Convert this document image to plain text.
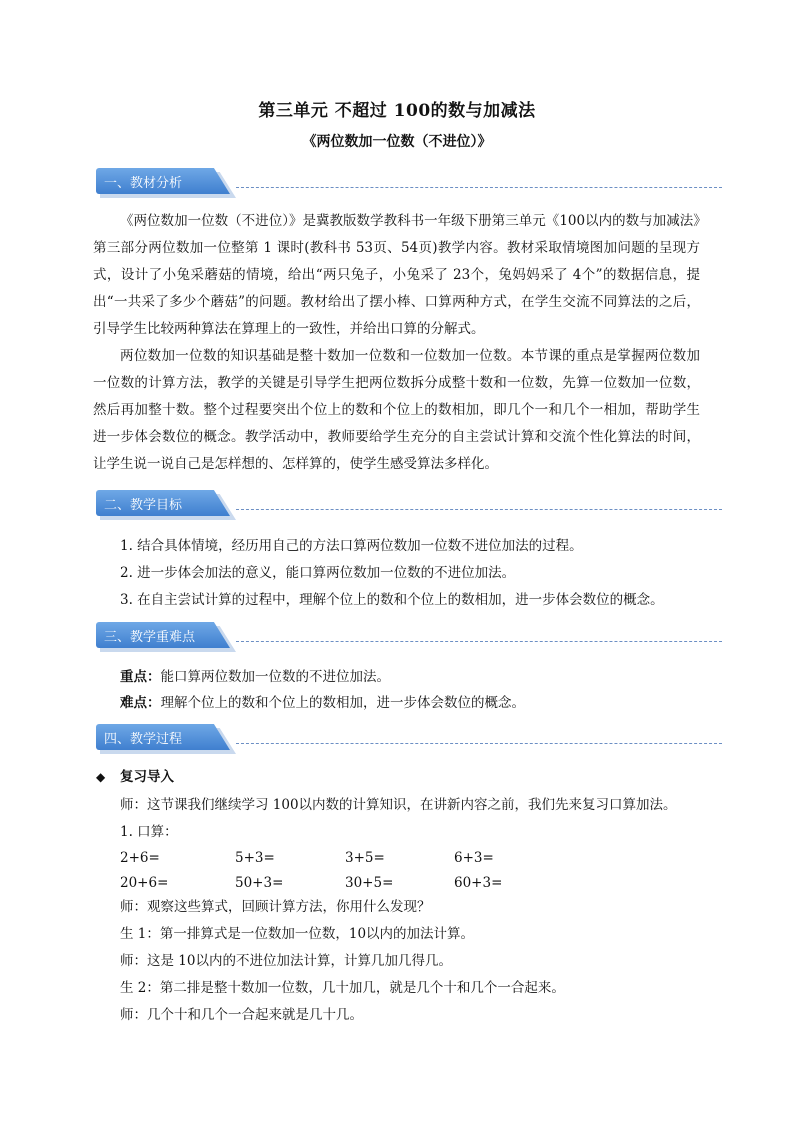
第三单元 不超过 100的数与加减法
《两位数加一位数（不进位）》
一、教材分析

《两位数加一位数（不进位）》是冀教版数学教科书一年级下册第三单元《100以内的数与加减法》第三部分两位数加一位整第 1 课时(教科书 53页、54页)教学内容。教材采取情境图加问题的呈现方式，设计了小兔采蘑菇的情境，给出“两只兔子，小兔采了 23个，兔妈妈采了 4个”的数据信息，提出“一共采了多少个蘑菇”的问题。教材给出了摆小棒、口算两种方式，在学生交流不同算法的之后，引导学生比较两种算法在算理上的一致性，并给出口算的分解式。

两位数加一位数的知识基础是整十数加一位数和一位数加一位数。本节课的重点是掌握两位数加一位数的计算方法，教学的关键是引导学生把两位数拆分成整十数和一位数，先算一位数加一位数，然后再加整十数。整个过程要突出个位上的数和个位上的数相加，即几个一和几个一相加，帮助学生进一步体会数位的概念。教学活动中，教师要给学生充分的自主尝试计算和交流个性化算法的时间，让学生说一说自己是怎样想的、怎样算的，使学生感受算法多样化。

二、教学目标
1. 结合具体情境，经历用自己的方法口算两位数加一位数不进位加法的过程。
2. 进一步体会加法的意义，能口算两位数加一位数的不进位加法。
3. 在自主尝试计算的过程中，理解个位上的数和个位上的数相加，进一步体会数位的概念。
三、教学重难点
重点：能口算两位数加一位数的不进位加法。
难点：理解个位上的数和个位上的数相加，进一步体会数位的概念。
四、教学过程
◆ 复习导入
师：这节课我们继续学习 100以内数的计算知识，在讲新内容之前，我们先来复习口算加法。
1. 口算：
2+6=	5+3=	3+5=	6+3=
20+6=	50+3=	30+5=	60+3=
师：观察这些算式，回顾计算方法，你用什么发现？
生 1：第一排算式是一位数加一位数，10以内的加法计算。
师：这是 10以内的不进位加法计算，计算几加几得几。
生 2：第二排是整十数加一位数，几十加几，就是几个十和几个一合起来。
师：几个十和几个一合起来就是几十几。
